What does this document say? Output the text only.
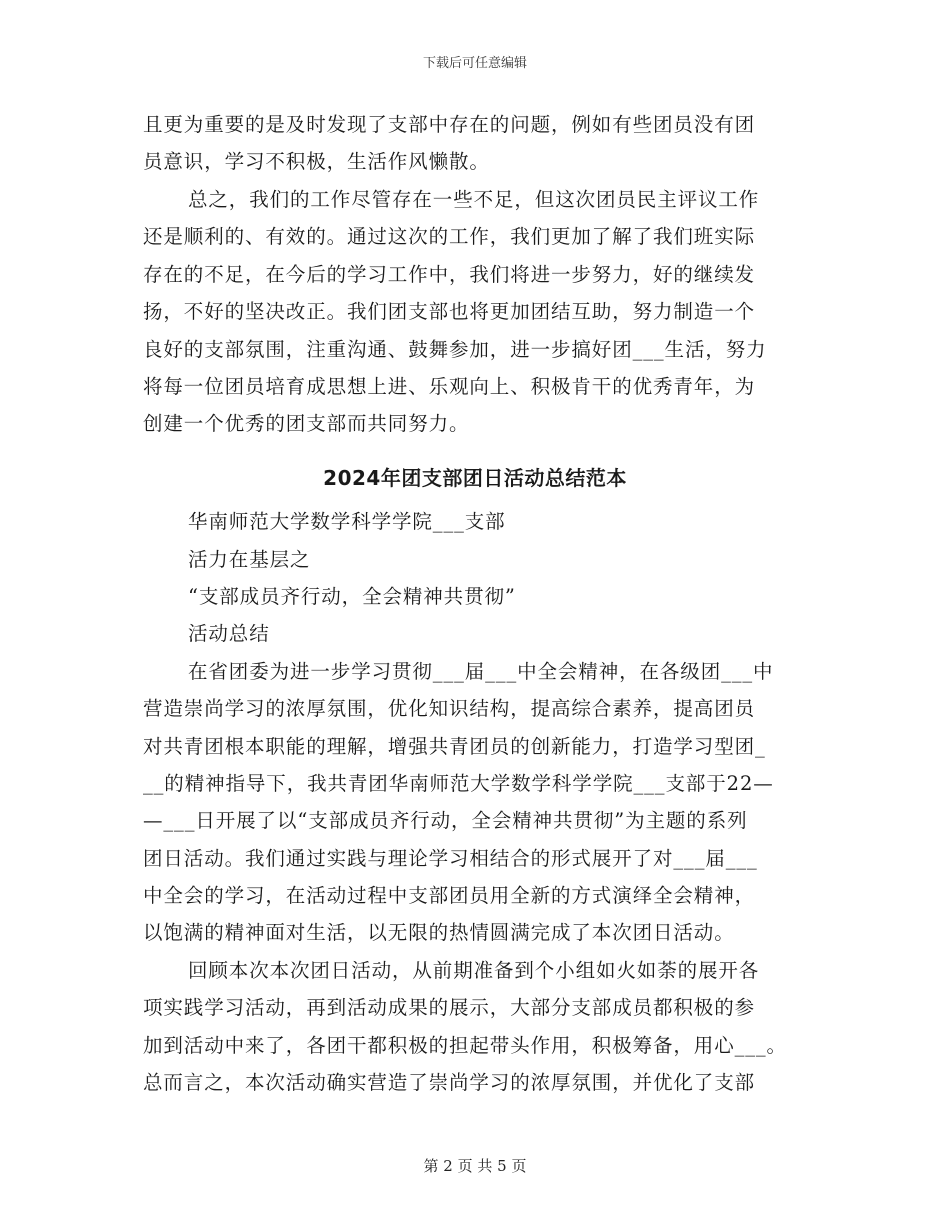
下载后可任意编辑
且更为重要的是及时发现了支部中存在的问题，例如有些团员没有团
员意识，学习不积极，生活作风懒散。
总之，我们的工作尽管存在一些不足，但这次团员民主评议工作
还是顺利的、有效的。通过这次的工作，我们更加了解了我们班实际
存在的不足，在今后的学习工作中，我们将进一步努力，好的继续发
扬，不好的坚决改正。我们团支部也将更加团结互助，努力制造一个
良好的支部氛围，注重沟通、鼓舞参加，进一步搞好团___生活，努力
将每一位团员培育成思想上进、乐观向上、积极肯干的优秀青年，为
创建一个优秀的团支部而共同努力。
2024年团支部团日活动总结范本
华南师范大学数学科学学院___支部
活力在基层之
“支部成员齐行动，全会精神共贯彻”
活动总结
在省团委为进一步学习贯彻___届___中全会精神，在各级团___中
营造崇尚学习的浓厚氛围，优化知识结构，提高综合素养，提高团员
对共青团根本职能的理解，增强共青团员的创新能力，打造学习型团_
__的精神指导下，我共青团华南师范大学数学科学学院___支部于22—
—___日开展了以“支部成员齐行动，全会精神共贯彻”为主题的系列
团日活动。我们通过实践与理论学习相结合的形式展开了对___届___
中全会的学习，在活动过程中支部团员用全新的方式演绎全会精神，
以饱满的精神面对生活，以无限的热情圆满完成了本次团日活动。
回顾本次本次团日活动，从前期准备到个小组如火如荼的展开各
项实践学习活动，再到活动成果的展示，大部分支部成员都积极的参
加到活动中来了，各团干都积极的担起带头作用，积极筹备，用心___。
总而言之，本次活动确实营造了崇尚学习的浓厚氛围，并优化了支部
第 2 页 共 5 页
